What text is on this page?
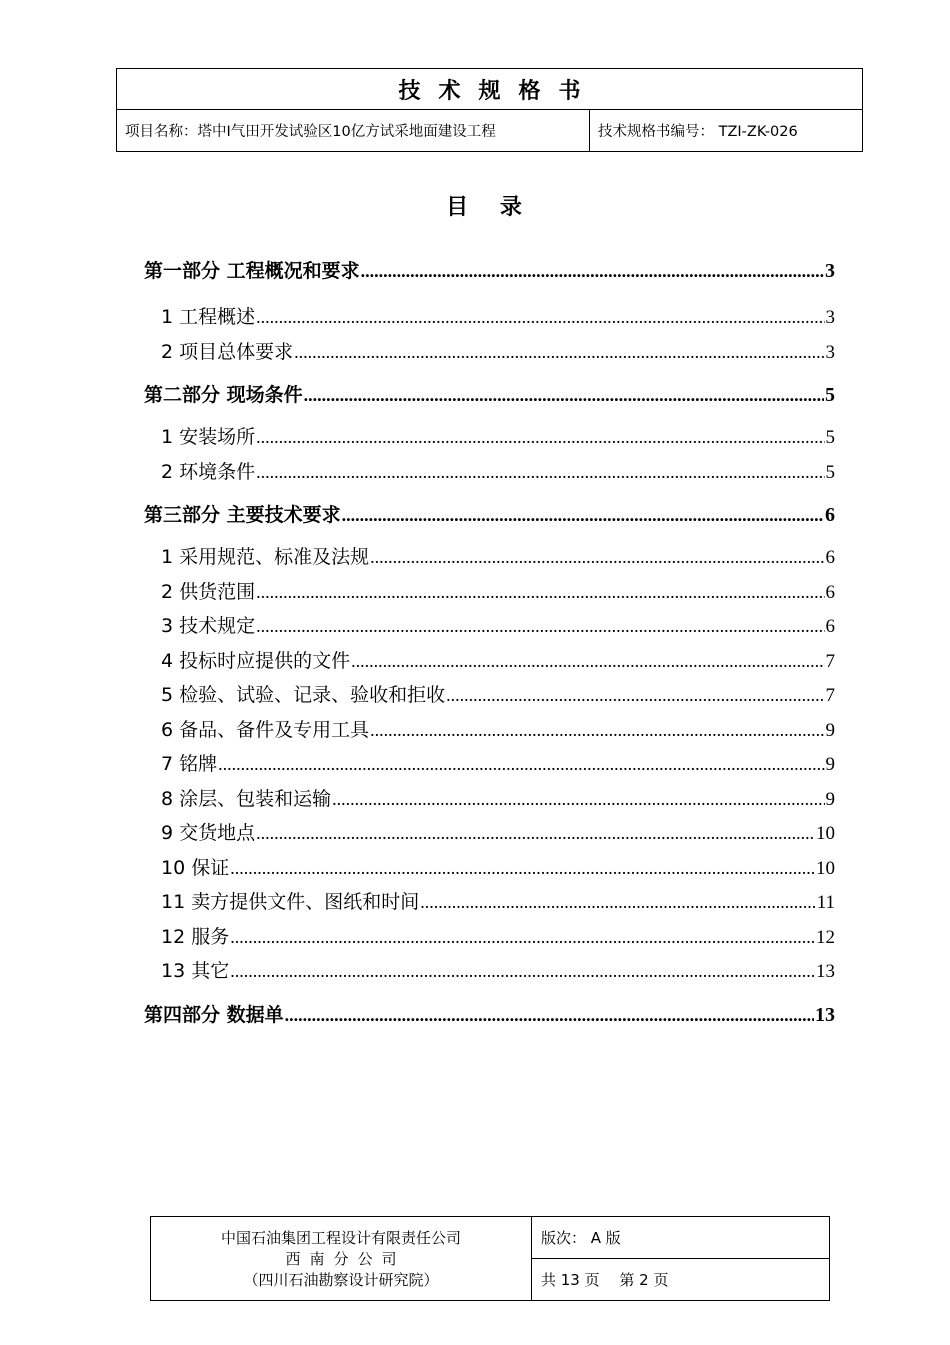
技术规格书
项目名称：塔中Ⅰ气田开发试验区10亿方试采地面建设工程	技术规格书编号： TZⅠ-ZK-026
目 录
第一部分 工程概况和要求 .....	3
1 工程概述 .....	3
2 项目总体要求 .....	3
第二部分 现场条件 .....	5
1 安装场所 .....	5
2 环境条件 .....	5
第三部分 主要技术要求 .....	6
1 采用规范、标准及法规 .....	6
2 供货范围 .....	6
3 技术规定 .....	6
4 投标时应提供的文件 .....	7
5 检验、试验、记录、验收和拒收 .....	7
6 备品、备件及专用工具 .....	9
7 铭牌 .....	9
8 涂层、包装和运输 .....	9
9 交货地点 .....	10
10 保证 .....	10
11 卖方提供文件、图纸和时间 .....	11
12 服务 .....	12
13 其它 .....	13
第四部分 数据单 .....	13
中国石油集团工程设计有限责任公司
西南分公司
（四川石油勘察设计研究院）
	版次： A 版
共 13 页　 第 2 页
